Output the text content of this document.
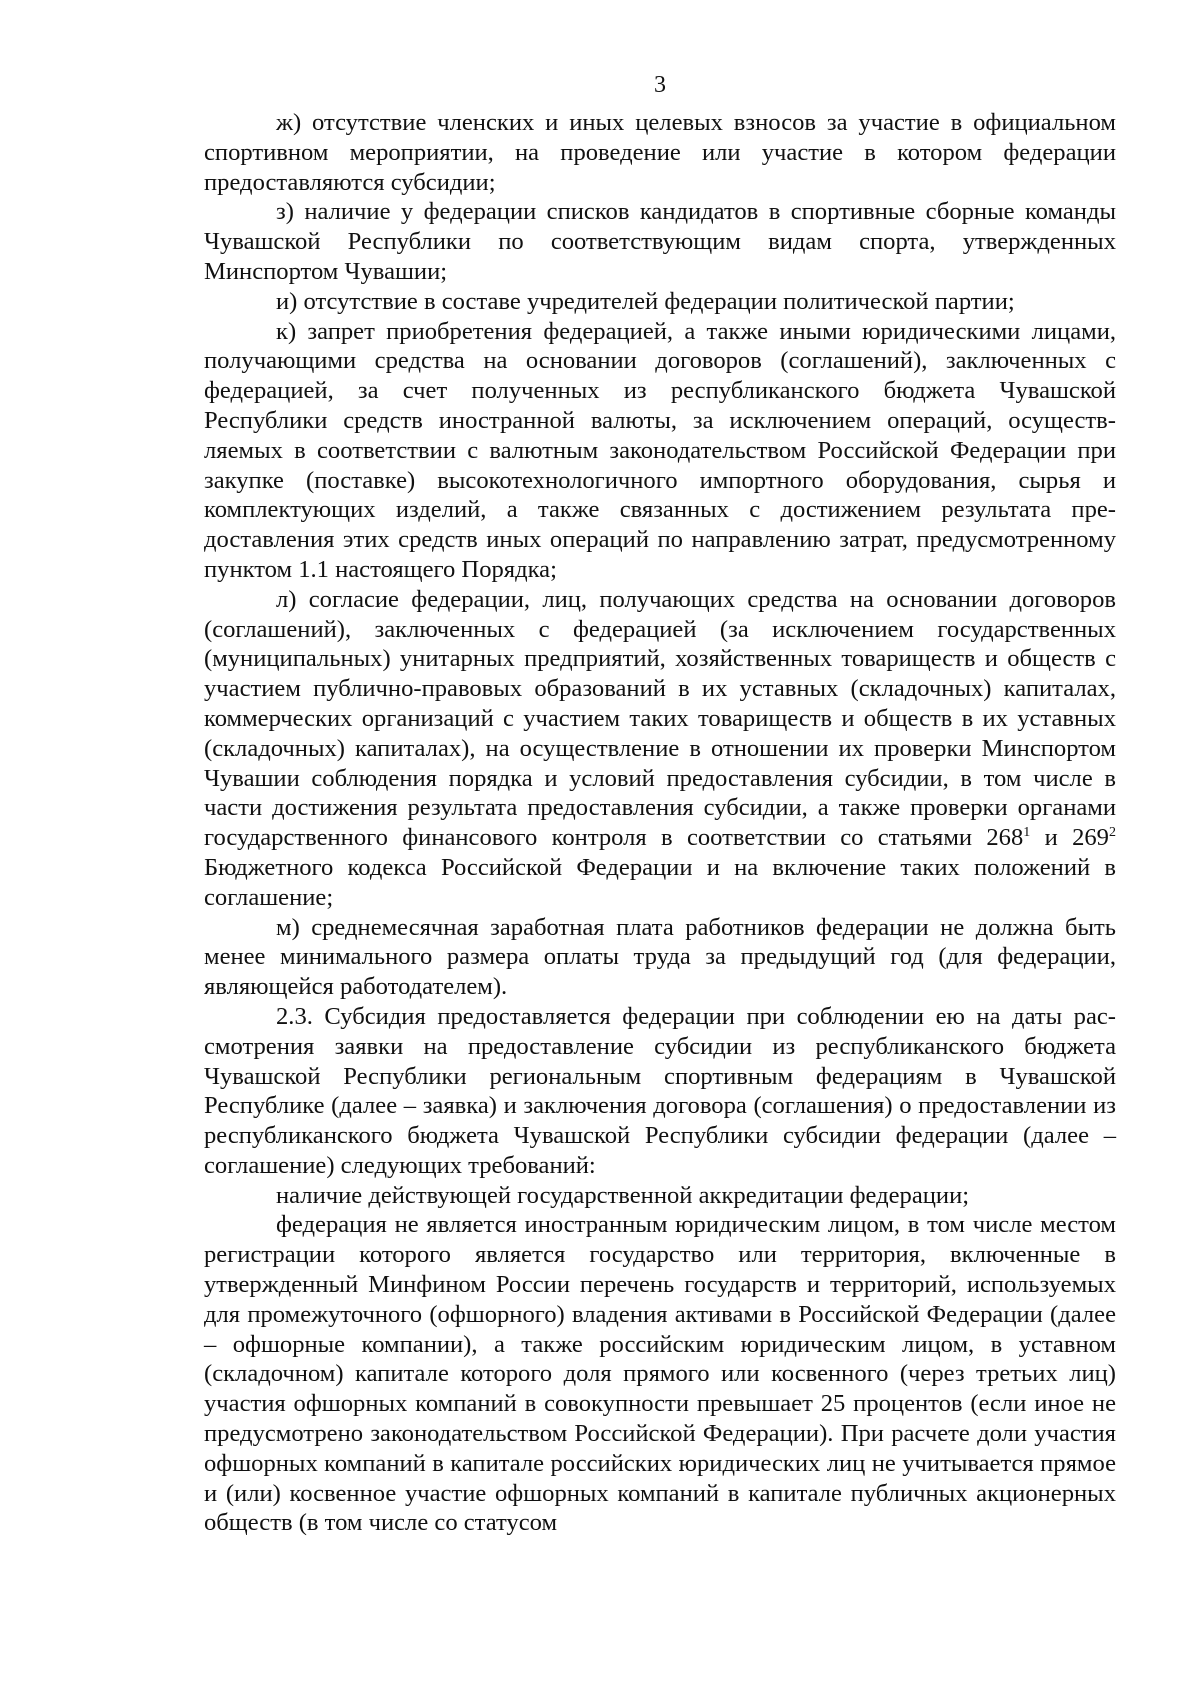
3

ж) отсутствие членских и иных целевых взносов за участие в официальном спортивном мероприятии, на проведение или участие в котором федерации предоставляются субсидии;

з) наличие у федерации списков кандидатов в спортивные сборные команды Чувашской Республики по соответствующим видам спорта, утвержденных Минспортом Чувашии;

и) отсутствие в составе учредителей федерации политической партии;

к) запрет приобретения федерацией, а также иными юридическими лицами, получающими средства на основании договоров (соглашений), заключенных с федерацией, за счет полученных из республиканского бюджета Чувашской Республики средств иностранной валюты, за исключением операций, осуществляемых в соответствии с валютным законодательством Российской Федерации при закупке (поставке) высокотехнологичного импортного оборудования, сырья и комплектующих изделий, а также связанных с достижением результата предоставления этих средств иных операций по направлению затрат, предусмотренному пунктом 1.1 настоящего Порядка;

л) согласие федерации, лиц, получающих средства на основании договоров (соглашений), заключенных с федерацией (за исключением государственных (муниципальных) унитарных предприятий, хозяйственных товариществ и обществ с участием публично-правовых образований в их уставных (складочных) капиталах, коммерческих организаций с участием таких товариществ и обществ в их уставных (складочных) капиталах), на осуществление в отношении их проверки Минспортом Чувашии соблюдения порядка и условий предоставления субсидии, в том числе в части достижения результата предоставления субсидии, а также проверки органами государственного финансового контроля в соответствии со статьями $268^1$ и $269^2$ Бюджетного кодекса Российской Федерации и на включение таких положений в соглашение;

м) среднемесячная заработная плата работников федерации не должна быть менее минимального размера оплаты труда за предыдущий год (для федерации, являющейся работодателем).

2.3. Субсидия предоставляется федерации при соблюдении ею на даты рассмотрения заявки на предоставление субсидии из республиканского бюджета Чувашской Республики региональным спортивным федерациям в Чувашской Республике (далее – заявка) и заключения договора (соглашения) о предоставлении из республиканского бюджета Чувашской Республики субсидии федерации (далее – соглашение) следующих требований:

наличие действующей государственной аккредитации федерации;

федерация не является иностранным юридическим лицом, в том числе местом регистрации которого является государство или территория, включенные в утвержденный Минфином России перечень государств и территорий, используемых для промежуточного (офшорного) владения активами в Российской Федерации (далее – офшорные компании), а также российским юридическим лицом, в уставном (складочном) капитале которого доля прямого или косвенного (через третьих лиц) участия офшорных компаний в совокупности превышает 25 процентов (если иное не предусмотрено законодательством Российской Федерации). При расчете доли участия офшорных компаний в капитале российских юридических лиц не учитывается прямое и (или) косвенное участие офшорных компаний в капитале публичных акционерных обществ (в том числе со статусом
